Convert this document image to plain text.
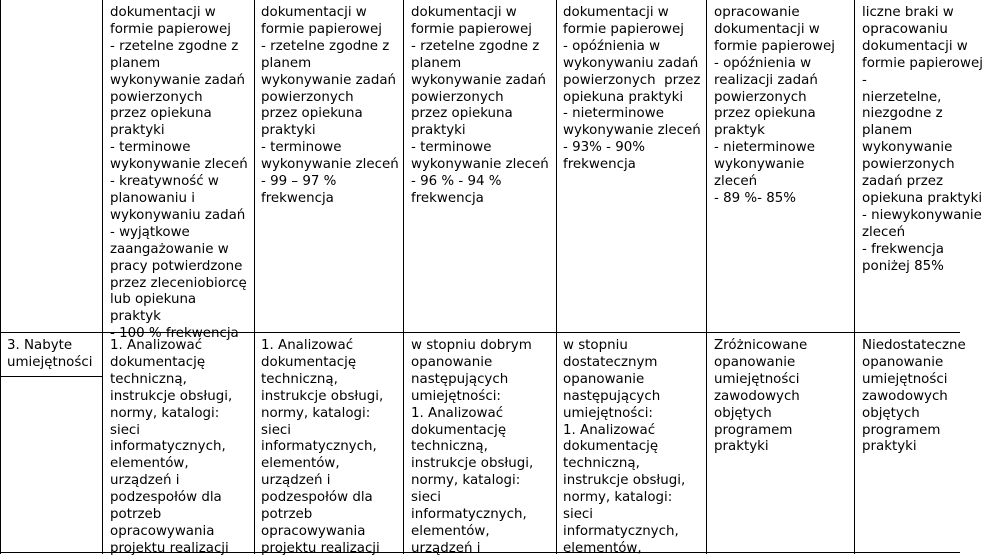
3. Nabyte
umiejętności
dokumentacji w
formie papierowej
- rzetelne zgodne z
planem
wykonywanie zadań
powierzonych
przez opiekuna
praktyki
- terminowe
wykonywanie zleceń
- kreatywność w
planowaniu i
wykonywaniu zadań
- wyjątkowe
zaangażowanie w
pracy potwierdzone
przez zleceniobiorcę
lub opiekuna
praktyk
- 100 % frekwencja
dokumentacji w
formie papierowej
- rzetelne zgodne z
planem
wykonywanie zadań
powierzonych
przez opiekuna
praktyki
- terminowe
wykonywanie zleceń
- 99 – 97 %
frekwencja
dokumentacji w
formie papierowej
- rzetelne zgodne z
planem
wykonywanie zadań
powierzonych
przez opiekuna
praktyki
- terminowe
wykonywanie zleceń
- 96 % - 94 %
frekwencja
dokumentacji w
formie papierowej
- opóźnienia w
wykonywaniu zadań
powierzonych  przez
opiekuna praktyki
- nieterminowe
wykonywanie zleceń
- 93% - 90%
frekwencja
opracowanie
dokumentacji w
formie papierowej
- opóźnienia w
realizacji zadań
powierzonych
przez opiekuna
praktyk
- nieterminowe
wykonywanie
zleceń
- 89 %- 85%
liczne braki w
opracowaniu
dokumentacji w
formie papierowej
-
nierzetelne,
niezgodne z
planem
wykonywanie
powierzonych
zadań przez
opiekuna praktyki
- niewykonywanie
zleceń
- frekwencja
poniżej 85%
1. Analizować
dokumentację
techniczną,
instrukcje obsługi,
normy, katalogi:
sieci
informatycznych,
elementów,
urządzeń i
podzespołów dla
potrzeb
opracowywania
projektu realizacji
1. Analizować
dokumentację
techniczną,
instrukcje obsługi,
normy, katalogi:
sieci
informatycznych,
elementów,
urządzeń i
podzespołów dla
potrzeb
opracowywania
projektu realizacji
w stopniu dobrym
opanowanie
następujących
umiejętności:
1. Analizować
dokumentację
techniczną,
instrukcje obsługi,
normy, katalogi:
sieci
informatycznych,
elementów,
urządzeń i
w stopniu
dostatecznym
opanowanie
następujących
umiejętności:
1. Analizować
dokumentację
techniczną,
instrukcje obsługi,
normy, katalogi:
sieci
informatycznych,
elementów,
Zróżnicowane
opanowanie
umiejętności
zawodowych
objętych
programem
praktyki
Niedostateczne
opanowanie
umiejętności
zawodowych
objętych
programem
praktyki
